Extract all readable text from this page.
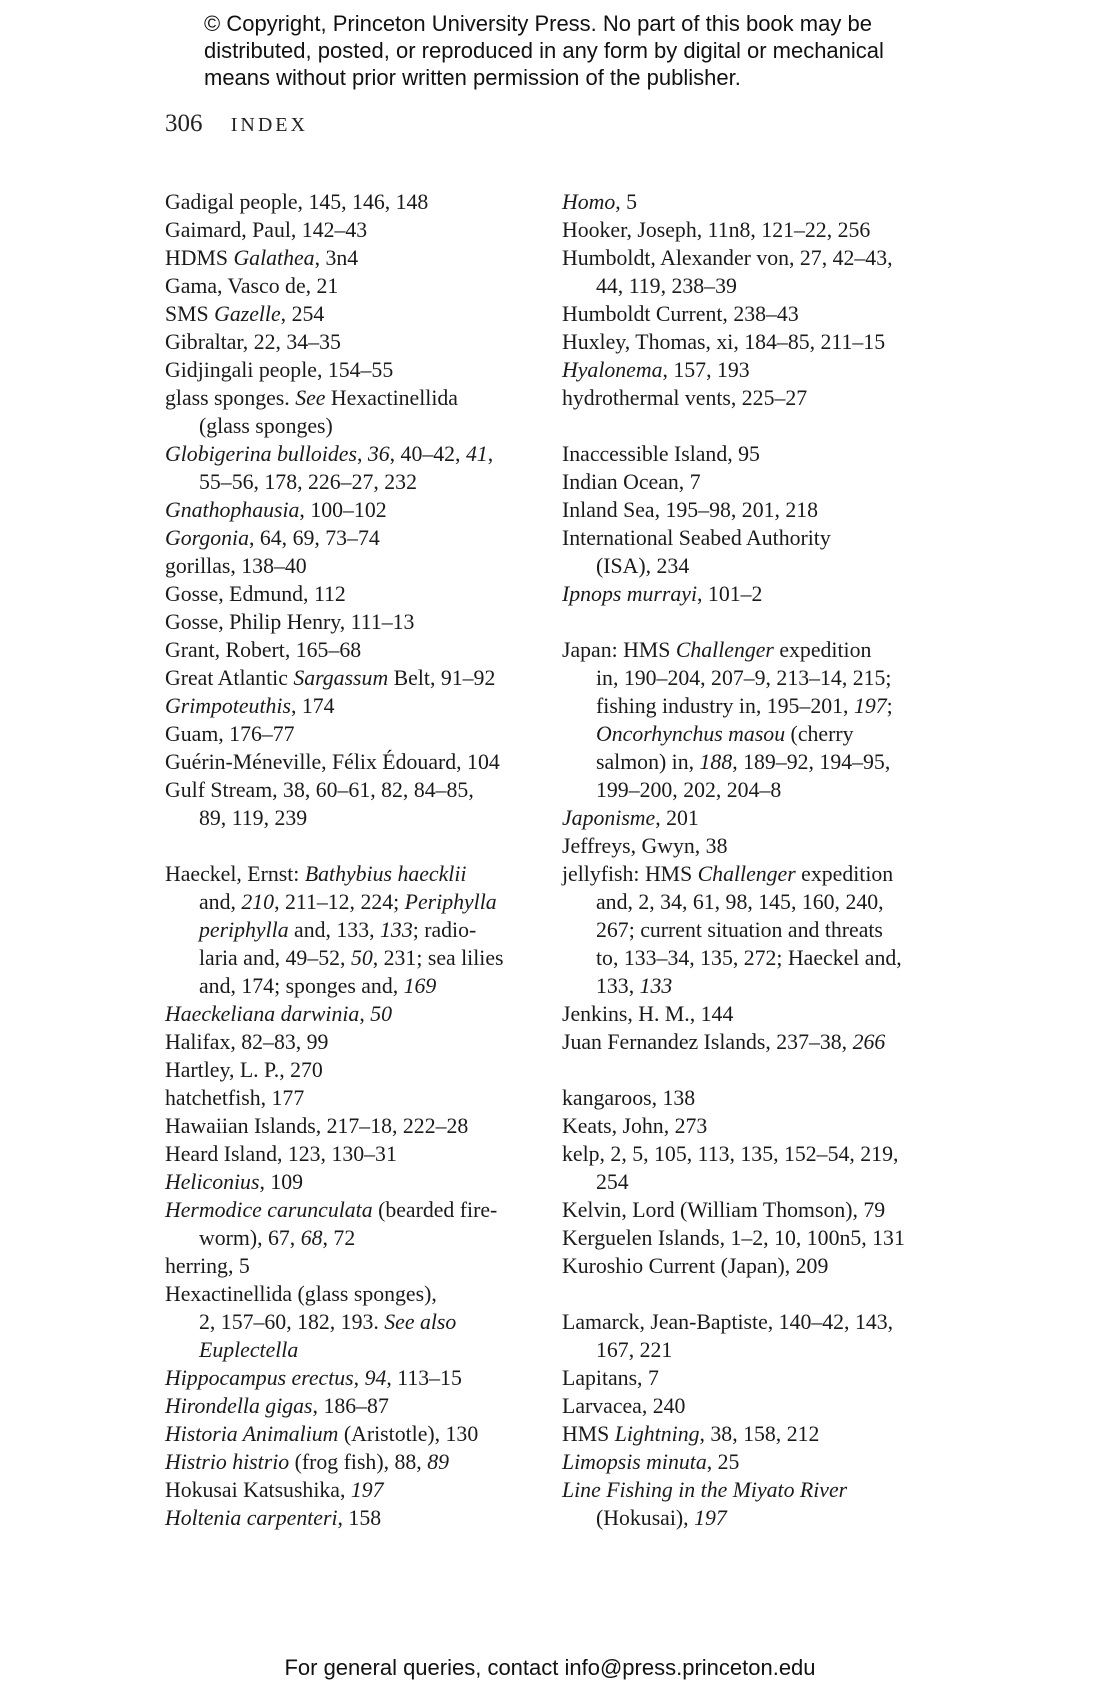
© Copyright, Princeton University Press. No part of this book may be
distributed, posted, or reproduced in any form by digital or mechanical
means without prior written permission of the publisher.
306 INDEX
Gadigal people, 145, 146, 148
Gaimard, Paul, 142–43
HDMS Galathea, 3n4
Gama, Vasco de, 21
SMS Gazelle, 254
Gibraltar, 22, 34–35
Gidjingali people, 154–55
glass sponges. See Hexactinellida
(glass sponges)
Globigerina bulloides, 36, 40–42, 41,
55–56, 178, 226–27, 232
Gnathophausia, 100–102
Gorgonia, 64, 69, 73–74
gorillas, 138–40
Gosse, Edmund, 112
Gosse, Philip Henry, 111–13
Grant, Robert, 165–68
Great Atlantic Sargassum Belt, 91–92
Grimpoteuthis, 174
Guam, 176–77
Guérin-Méneville, Félix Édouard, 104
Gulf Stream, 38, 60–61, 82, 84–85,
89, 119, 239
Haeckel, Ernst: Bathybius haecklii
and, 210, 211–12, 224; Periphylla
periphylla and, 133, 133; radio-
laria and, 49–52, 50, 231; sea lilies
and, 174; sponges and, 169
Haeckeliana darwinia, 50
Halifax, 82–83, 99
Hartley, L. P., 270
hatchetfish, 177
Hawaiian Islands, 217–18, 222–28
Heard Island, 123, 130–31
Heliconius, 109
Hermodice carunculata (bearded fire-
worm), 67, 68, 72
herring, 5
Hexactinellida (glass sponges),
2, 157–60, 182, 193. See also
Euplectella
Hippocampus erectus, 94, 113–15
Hirondella gigas, 186–87
Historia Animalium (Aristotle), 130
Histrio histrio (frog fish), 88, 89
Hokusai Katsushika, 197
Holtenia carpenteri, 158
Homo, 5
Hooker, Joseph, 11n8, 121–22, 256
Humboldt, Alexander von, 27, 42–43,
44, 119, 238–39
Humboldt Current, 238–43
Huxley, Thomas, xi, 184–85, 211–15
Hyalonema, 157, 193
hydrothermal vents, 225–27
Inaccessible Island, 95
Indian Ocean, 7
Inland Sea, 195–98, 201, 218
International Seabed Authority
(ISA), 234
Ipnops murrayi, 101–2
Japan: HMS Challenger expedition
in, 190–204, 207–9, 213–14, 215;
fishing industry in, 195–201, 197;
Oncorhynchus masou (cherry
salmon) in, 188, 189–92, 194–95,
199–200, 202, 204–8
Japonisme, 201
Jeffreys, Gwyn, 38
jellyfish: HMS Challenger expedition
and, 2, 34, 61, 98, 145, 160, 240,
267; current situation and threats
to, 133–34, 135, 272; Haeckel and,
133, 133
Jenkins, H. M., 144
Juan Fernandez Islands, 237–38, 266
kangaroos, 138
Keats, John, 273
kelp, 2, 5, 105, 113, 135, 152–54, 219,
254
Kelvin, Lord (William Thomson), 79
Kerguelen Islands, 1–2, 10, 100n5, 131
Kuroshio Current (Japan), 209
Lamarck, Jean-Baptiste, 140–42, 143,
167, 221
Lapitans, 7
Larvacea, 240
HMS Lightning, 38, 158, 212
Limopsis minuta, 25
Line Fishing in the Miyato River
(Hokusai), 197
For general queries, contact info@press.princeton.edu
